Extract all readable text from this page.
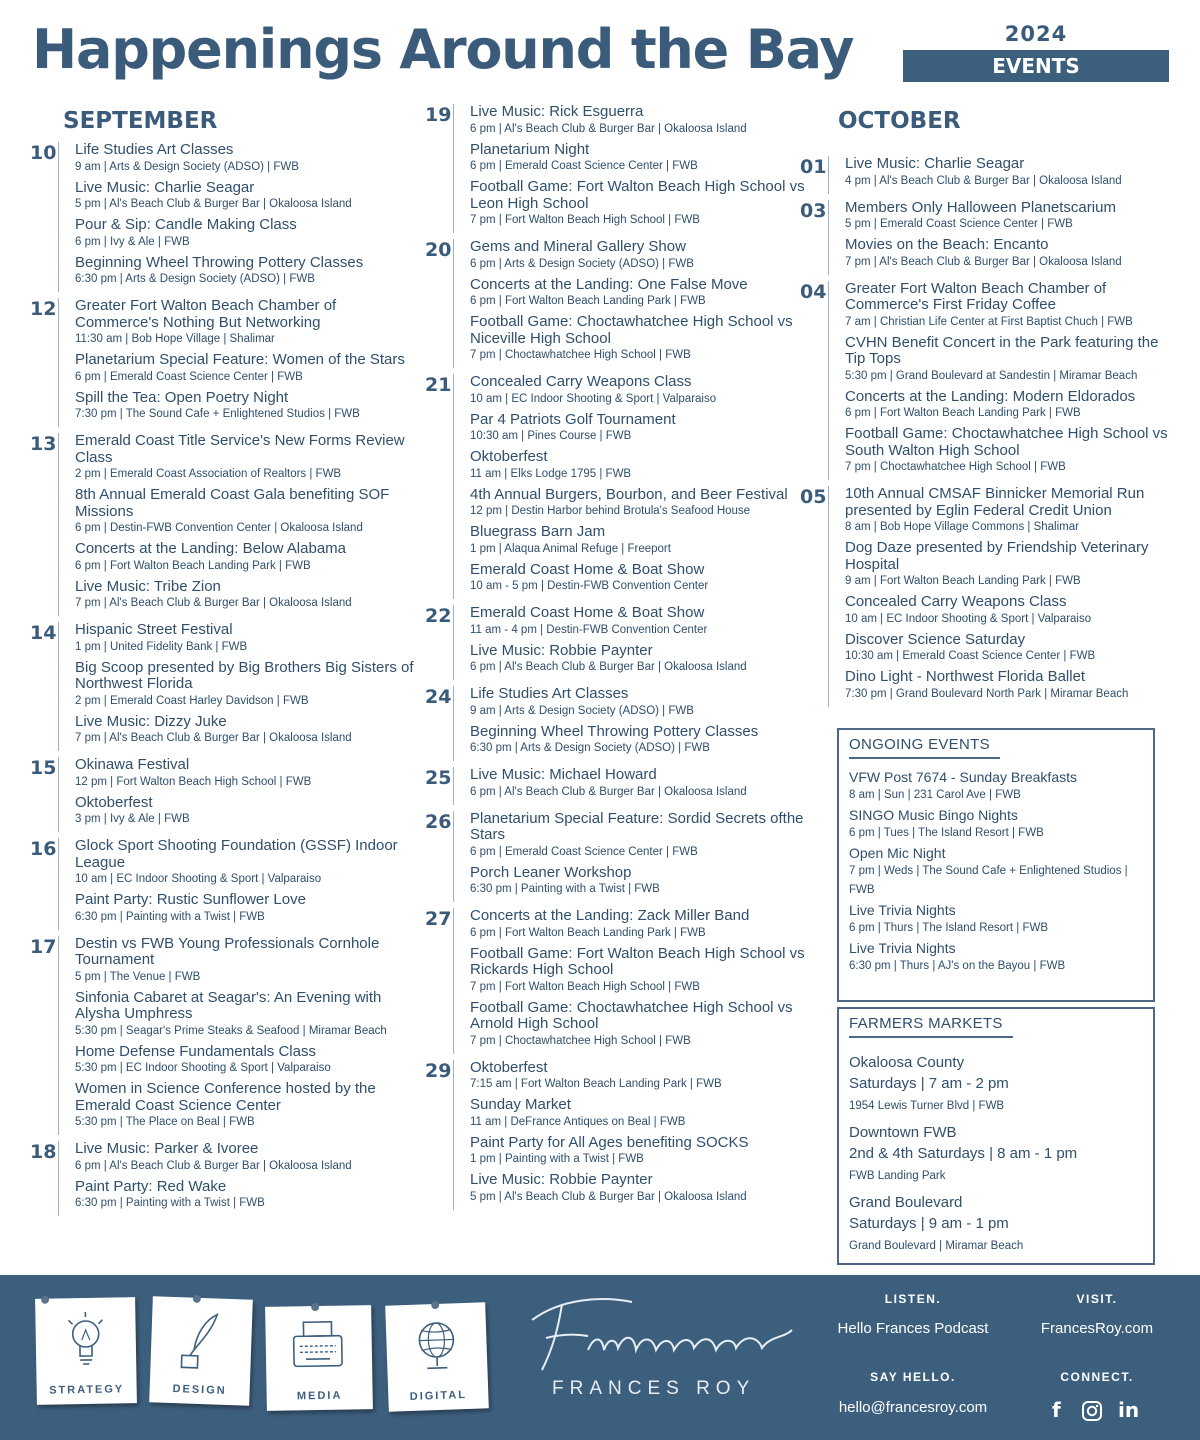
Happenings Around the Bay	2024
EVENTS
SEPTEMBER
10 Life Studies Art Classes
9 am | Arts & Design Society (ADSO) | FWB
Live Music: Charlie Seagar
5 pm | Al's Beach Club & Burger Bar | Okaloosa Island
Pour & Sip: Candle Making Class
6 pm | Ivy & Ale | FWB
Beginning Wheel Throwing Pottery Classes
6:30 pm | Arts & Design Society (ADSO) | FWB
12 Greater Fort Walton Beach Chamber of Commerce's Nothing But Networking
11:30 am | Bob Hope Village | Shalimar
Planetarium Special Feature: Women of the Stars
6 pm | Emerald Coast Science Center | FWB
Spill the Tea: Open Poetry Night
7:30 pm | The Sound Cafe + Enlightened Studios | FWB
13 Emerald Coast Title Service's New Forms Review Class
2 pm | Emerald Coast Association of Realtors | FWB
8th Annual Emerald Coast Gala benefiting SOF Missions
6 pm | Destin-FWB Convention Center | Okaloosa Island
Concerts at the Landing: Below Alabama
6 pm | Fort Walton Beach Landing Park | FWB
Live Music: Tribe Zion
7 pm | Al's Beach Club & Burger Bar | Okaloosa Island
14 Hispanic Street Festival
1 pm | United Fidelity Bank | FWB
Big Scoop presented by Big Brothers Big Sisters of Northwest Florida
2 pm | Emerald Coast Harley Davidson | FWB
Live Music: Dizzy Juke
7 pm | Al's Beach Club & Burger Bar | Okaloosa Island
15 Okinawa Festival
12 pm | Fort Walton Beach High School | FWB
Oktoberfest
3 pm | Ivy & Ale | FWB
16 Glock Sport Shooting Foundation (GSSF) Indoor League
10 am | EC Indoor Shooting & Sport | Valparaiso
Paint Party: Rustic Sunflower Love
6:30 pm | Painting with a Twist | FWB
17 Destin vs FWB Young Professionals Cornhole Tournament
5 pm | The Venue | FWB
Sinfonia Cabaret at Seagar's: An Evening with Alysha Umphress
5:30 pm | Seagar's Prime Steaks & Seafood | Miramar Beach
Home Defense Fundamentals Class
5:30 pm | EC Indoor Shooting & Sport | Valparaiso
Women in Science Conference hosted by the Emerald Coast Science Center
5:30 pm | The Place on Beal | FWB
18 Live Music: Parker & Ivoree
6 pm | Al's Beach Club & Burger Bar | Okaloosa Island
Paint Party: Red Wake
6:30 pm | Painting with a Twist | FWB
19 Live Music: Rick Esguerra
6 pm | Al's Beach Club & Burger Bar | Okaloosa Island
Planetarium Night
6 pm | Emerald Coast Science Center | FWB
Football Game: Fort Walton Beach High School vs Leon High School
7 pm | Fort Walton Beach High School | FWB
20 Gems and Mineral Gallery Show
6 pm | Arts & Design Society (ADSO) | FWB
Concerts at the Landing: One False Move
6 pm | Fort Walton Beach Landing Park | FWB
Football Game: Choctawhatchee High School vs Niceville High School
7 pm | Choctawhatchee High School | FWB
21 Concealed Carry Weapons Class
10 am | EC Indoor Shooting & Sport | Valparaiso
Par 4 Patriots Golf Tournament
10:30 am | Pines Course | FWB
Oktoberfest
11 am | Elks Lodge 1795 | FWB
4th Annual Burgers, Bourbon, and Beer Festival
12 pm | Destin Harbor behind Brotula's Seafood House
Bluegrass Barn Jam
1 pm | Alaqua Animal Refuge | Freeport
Emerald Coast Home & Boat Show
10 am - 5 pm | Destin-FWB Convention Center
22 Emerald Coast Home & Boat Show
11 am - 4 pm | Destin-FWB Convention Center
Live Music: Robbie Paynter
6 pm | Al's Beach Club & Burger Bar | Okaloosa Island
24 Life Studies Art Classes
9 am | Arts & Design Society (ADSO) | FWB
Beginning Wheel Throwing Pottery Classes
6:30 pm | Arts & Design Society (ADSO) | FWB
25 Live Music: Michael Howard
6 pm | Al's Beach Club & Burger Bar | Okaloosa Island
26 Planetarium Special Feature: Sordid Secrets ofthe Stars
6 pm | Emerald Coast Science Center | FWB
Porch Leaner Workshop
6:30 pm | Painting with a Twist | FWB
27 Concerts at the Landing: Zack Miller Band
6 pm | Fort Walton Beach Landing Park | FWB
Football Game: Fort Walton Beach High School vs Rickards High School
7 pm | Fort Walton Beach High School | FWB
Football Game: Choctawhatchee High School vs Arnold High School
7 pm | Choctawhatchee High School | FWB
29 Oktoberfest
7:15 am | Fort Walton Beach Landing Park | FWB
Sunday Market
11 am | DeFrance Antiques on Beal | FWB
Paint Party for All Ages benefiting SOCKS
1 pm | Painting with a Twist | FWB
Live Music: Robbie Paynter
5 pm | Al's Beach Club & Burger Bar | Okaloosa Island
OCTOBER
01 Live Music: Charlie Seagar
4 pm | Al's Beach Club & Burger Bar | Okaloosa Island
03 Members Only Halloween Planetscarium
5 pm | Emerald Coast Science Center | FWB
Movies on the Beach: Encanto
7 pm | Al's Beach Club & Burger Bar | Okaloosa Island
04 Greater Fort Walton Beach Chamber of Commerce's First Friday Coffee
7 am | Christian Life Center at First Baptist Chuch | FWB
CVHN Benefit Concert in the Park featuring the Tip Tops
5:30 pm | Grand Boulevard at Sandestin | Miramar Beach
Concerts at the Landing: Modern Eldorados
6 pm | Fort Walton Beach Landing Park | FWB
Football Game: Choctawhatchee High School vs South Walton High School
7 pm | Choctawhatchee High School | FWB
05 10th Annual CMSAF Binnicker Memorial Run presented by Eglin Federal Credit Union
8 am | Bob Hope Village Commons | Shalimar
Dog Daze presented by Friendship Veterinary Hospital
9 am | Fort Walton Beach Landing Park | FWB
Concealed Carry Weapons Class
10 am | EC Indoor Shooting & Sport | Valparaiso
Discover Science Saturday
10:30 am | Emerald Coast Science Center | FWB
Dino Light - Northwest Florida Ballet
7:30 pm | Grand Boulevard North Park | Miramar Beach
ONGOING EVENTS
VFW Post 7674 - Sunday Breakfasts
8 am | Sun | 231 Carol Ave | FWB
SINGO Music Bingo Nights
6 pm | Tues | The Island Resort | FWB
Open Mic Night
7 pm | Weds | The Sound Cafe + Enlightened Studios | FWB
Live Trivia Nights
6 pm | Thurs | The Island Resort | FWB
Live Trivia Nights
6:30 pm | Thurs | AJ's on the Bayou | FWB
FARMERS MARKETS
Okaloosa County
Saturdays | 7 am - 2 pm
1954 Lewis Turner Blvd | FWB
Downtown FWB
2nd & 4th Saturdays | 8 am - 1 pm
FWB Landing Park
Grand Boulevard
Saturdays | 9 am - 1 pm
Grand Boulevard | Miramar Beach
STRATEGY	DESIGN	MEDIA	DIGITAL	FRANCES ROY
LISTEN.
Hello Frances Podcast
VISIT.
FrancesRoy.com
SAY HELLO.
hello@francesroy.com
CONNECT.
f	in
